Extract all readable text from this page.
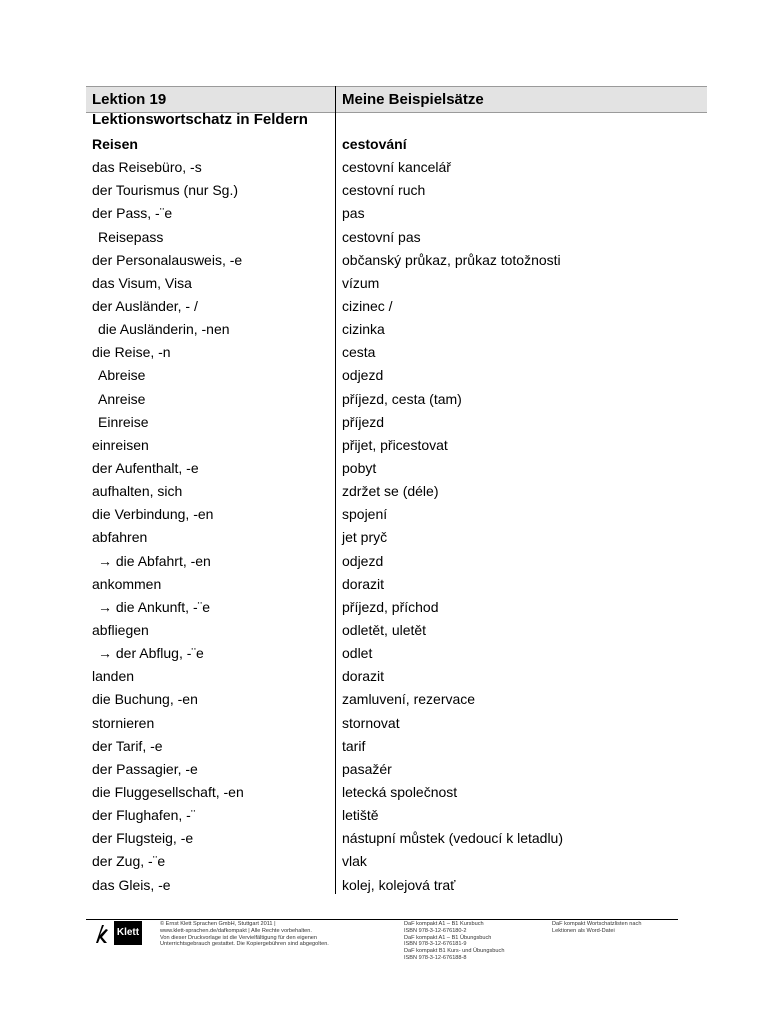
Lektion 19	Meine Beispielsätze
Lektionswortschatz in Feldern
Reisen	cestování
das Reisebüro, -s	cestovní kancelář
der Tourismus (nur Sg.)	cestovní ruch
der Pass, -¨e	pas
Reisepass	cestovní pas
der Personalausweis, -e	občanský průkaz, průkaz totožnosti
das Visum, Visa	vízum
der Ausländer, - /	cizinec /
die Ausländerin, -nen	cizinka
die Reise, -n	cesta
Abreise	odjezd
Anreise	příjezd, cesta (tam)
Einreise	příjezd
einreisen	přijet, přicestovat
der Aufenthalt, -e	pobyt
aufhalten, sich	zdržet se (déle)
die Verbindung, -en	spojení
abfahren	jet pryč
→ die Abfahrt, -en	odjezd
ankommen	dorazit
→ die Ankunft, -¨e	příjezd, příchod
abfliegen	odletět, uletět
→ der Abflug, -¨e	odlet
landen	dorazit
die Buchung, -en	zamluvení, rezervace
stornieren	stornovat
der Tarif, -e	tarif
der Passagier, -e	pasažér
die Fluggesellschaft, -en	letecká společnost
der Flughafen, -¨	letiště
der Flugsteig, -e	nástupní můstek (vedoucí k letadlu)
der Zug, -¨e	vlak
das Gleis, -e	kolej, kolejová trať
Klett
© Ernst Klett Sprachen GmbH, Stuttgart 2011 |
www.klett-sprachen.de/dafkompakt | Alle Rechte vorbehalten.
Von dieser Druckvorlage ist die Vervielfältigung für den eigenen
Unterrichtsgebrauch gestattet. Die Kopiergebühren sind abgegolten.
DaF kompakt A1 – B1 Kursbuch
ISBN 978-3-12-676180-2
DaF kompakt A1 – B1 Übungsbuch
ISBN 978-3-12-676181-9
DaF kompakt B1 Kurs- und Übungsbuch
ISBN 978-3-12-676188-8
DaF kompakt Wortschatzlisten nach
Lektionen als Word-Datei
